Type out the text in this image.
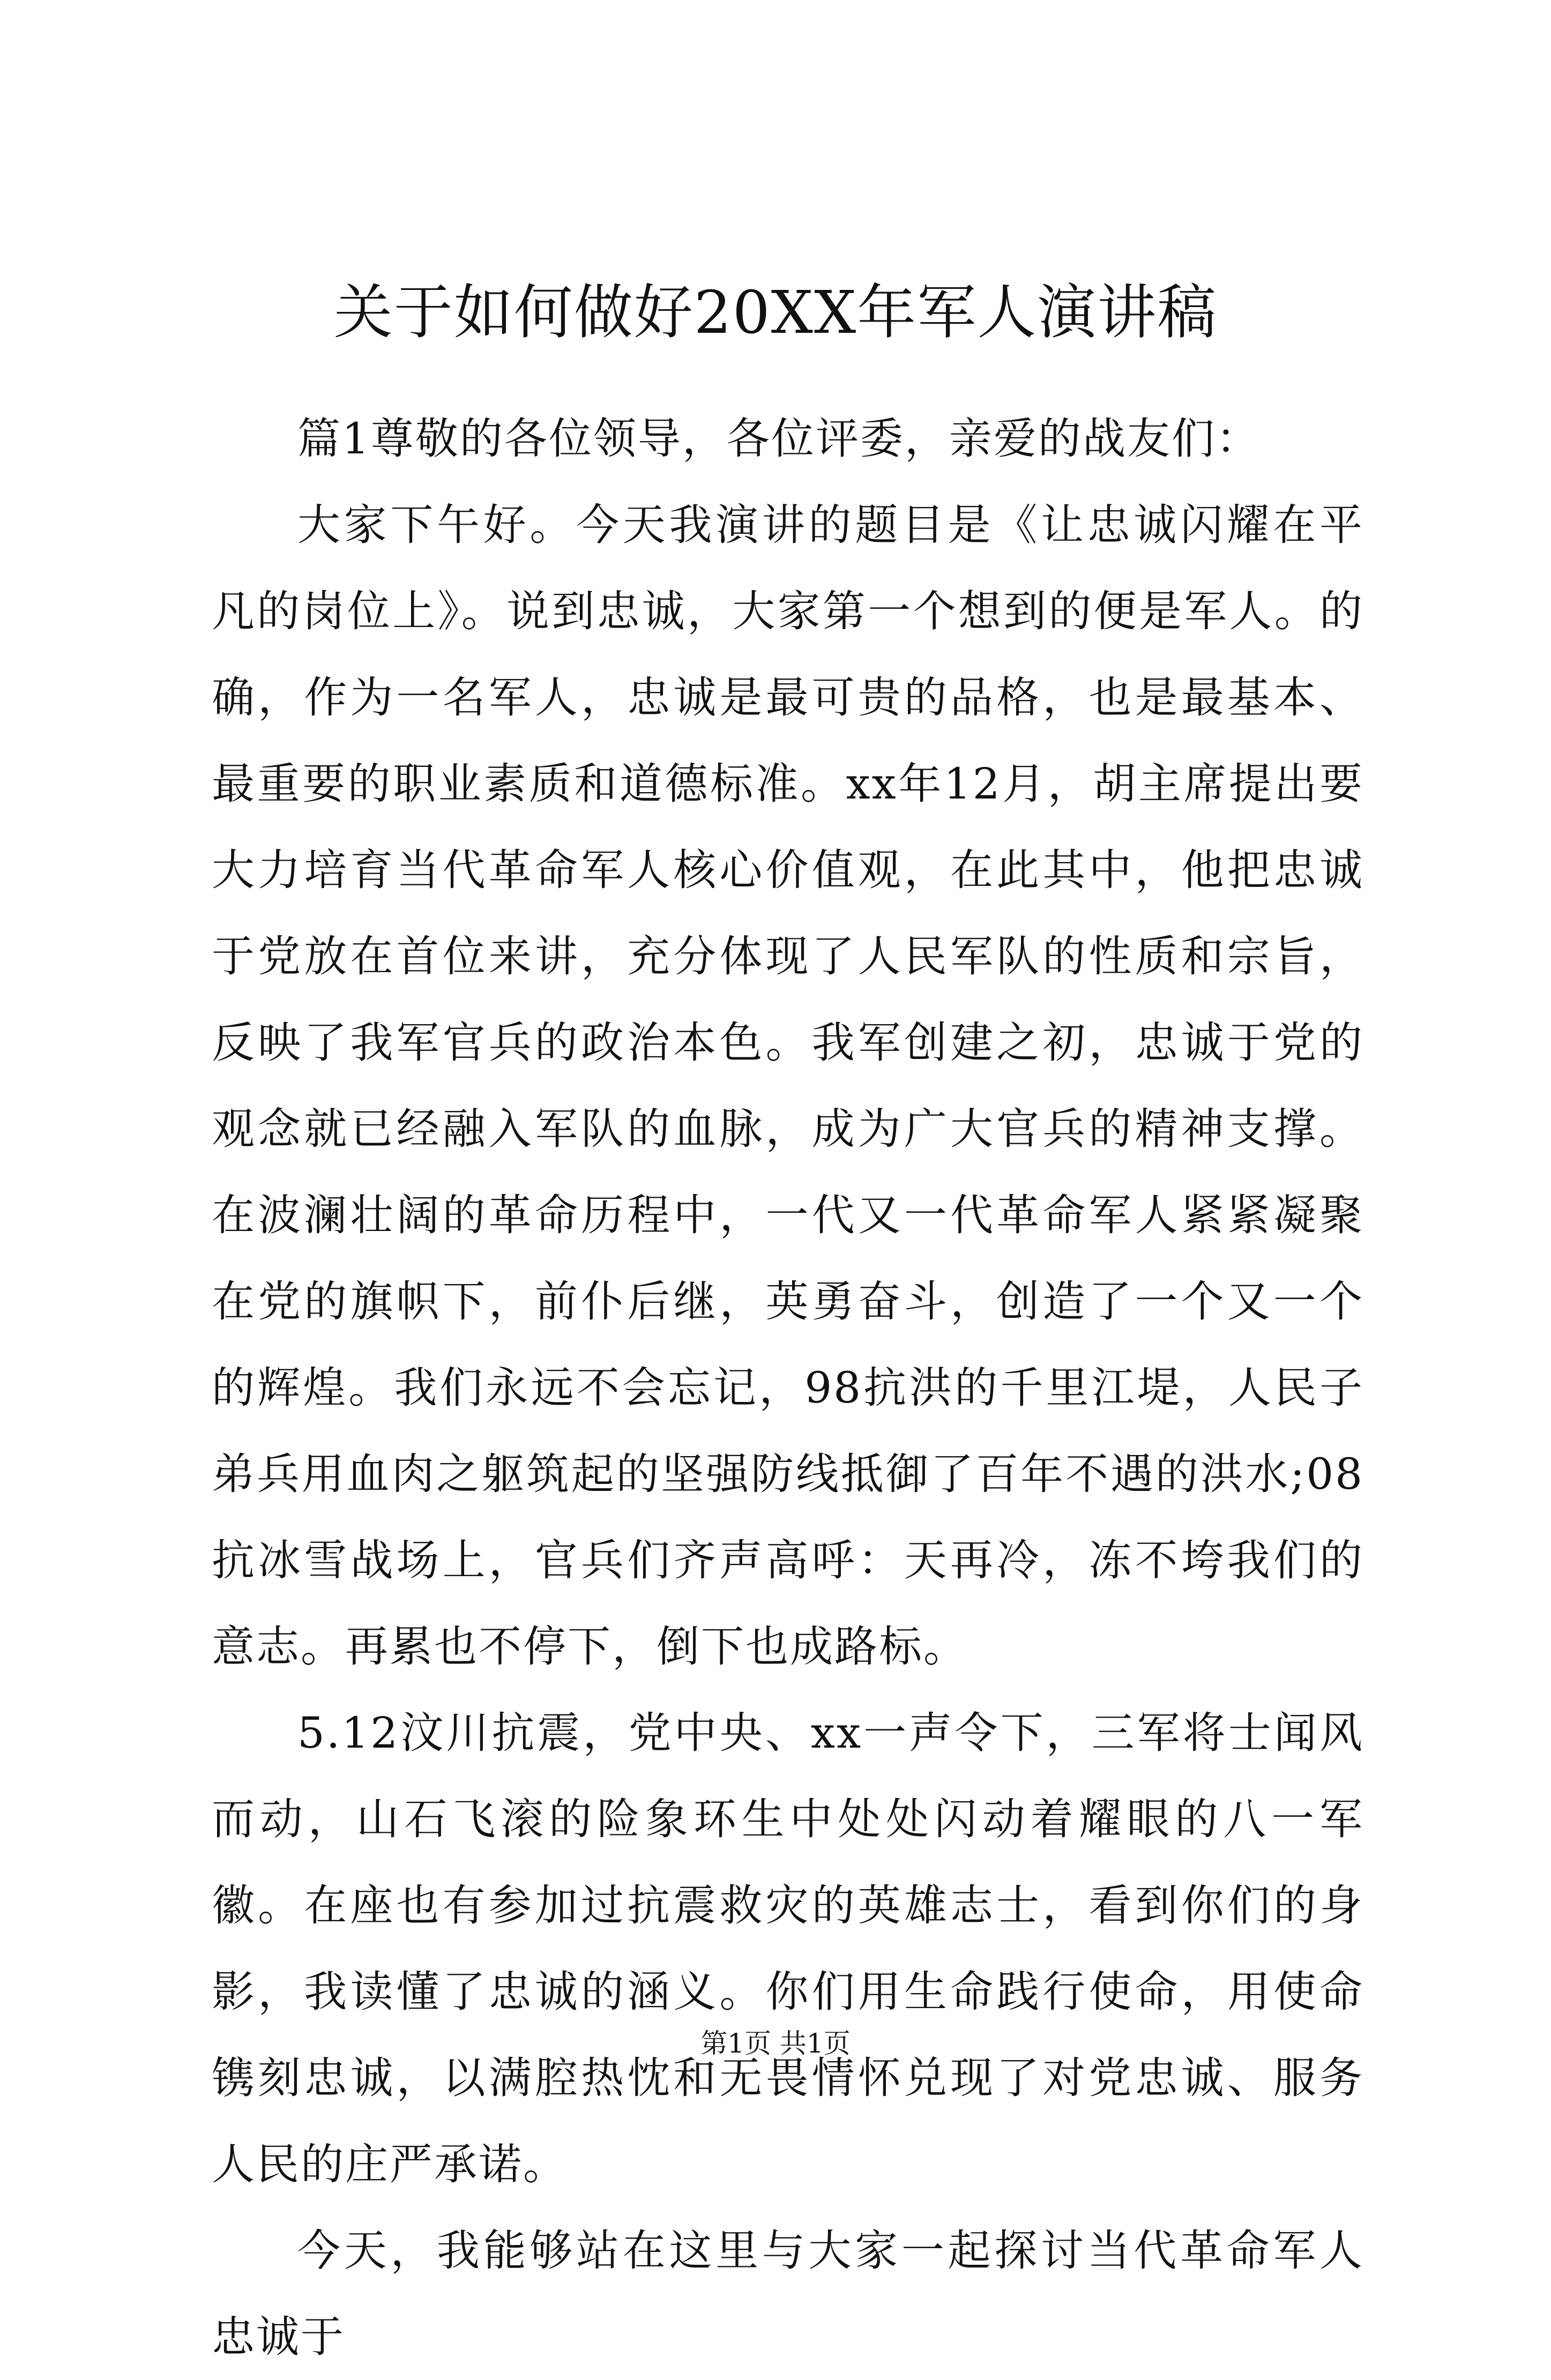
关于如何做好20XX年军人演讲稿

篇1尊敬的各位领导，各位评委，亲爱的战友们：

大家下午好。今天我演讲的题目是《让忠诚闪耀在平凡的岗位上》。说到忠诚，大家第一个想到的便是军人。的确，作为一名军人，忠诚是最可贵的品格，也是最基本、最重要的职业素质和道德标准。xx年12月，胡主席提出要大力培育当代革命军人核心价值观，在此其中，他把忠诚于党放在首位来讲，充分体现了人民军队的性质和宗旨，反映了我军官兵的政治本色。我军创建之初，忠诚于党的观念就已经融入军队的血脉，成为广大官兵的精神支撑。在波澜壮阔的革命历程中，一代又一代革命军人紧紧凝聚在党的旗帜下，前仆后继，英勇奋斗，创造了一个又一个的辉煌。我们永远不会忘记，98抗洪的千里江堤，人民子弟兵用血肉之躯筑起的坚强防线抵御了百年不遇的洪水;08抗冰雪战场上，官兵们齐声高呼：天再冷，冻不垮我们的意志。再累也不停下，倒下也成路标。

5.12汶川抗震，党中央、xx一声令下，三军将士闻风而动，山石飞滚的险象环生中处处闪动着耀眼的八一军徽。在座也有参加过抗震救灾的英雄志士，看到你们的身影，我读懂了忠诚的涵义。你们用生命践行使命，用使命镌刻忠诚，以满腔热忱和无畏情怀兑现了对党忠诚、服务人民的庄严承诺。

今天，我能够站在这里与大家一起探讨当代革命军人忠诚于

第1页 共1页
